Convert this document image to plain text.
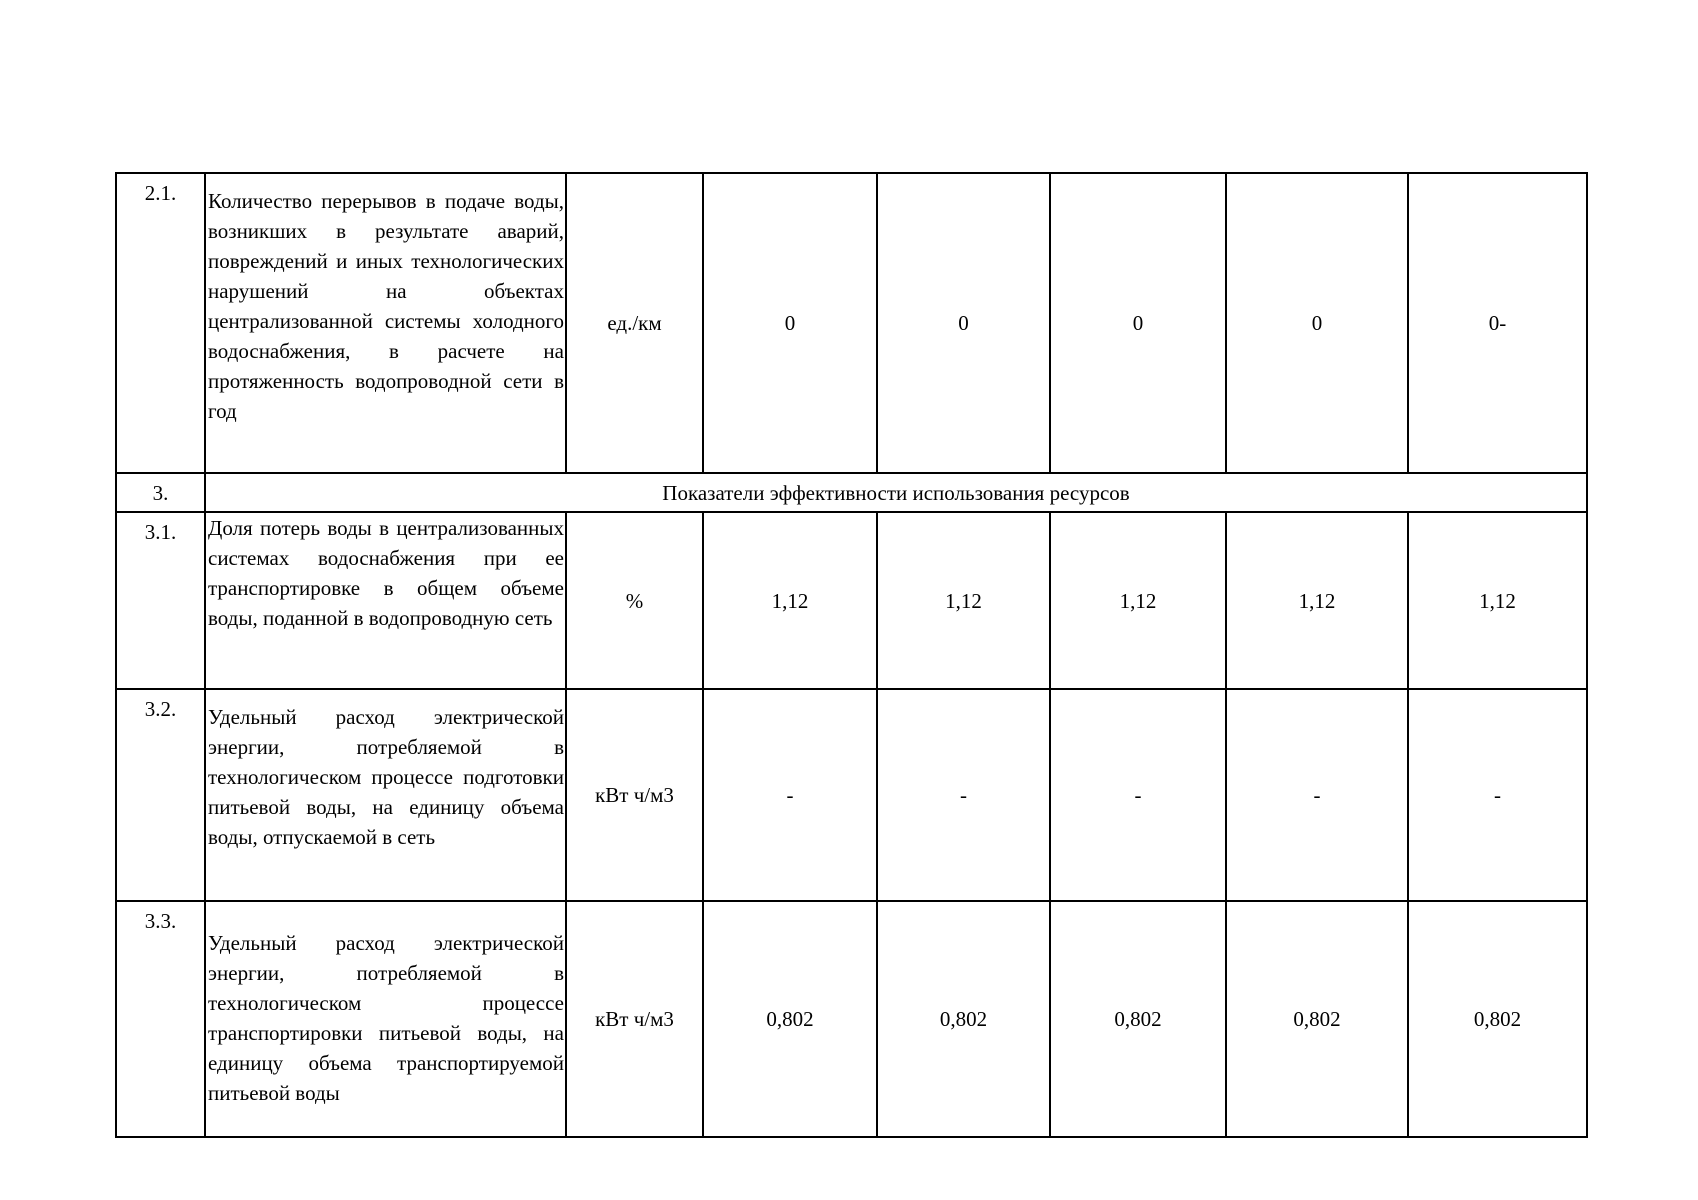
2.1.	Количество перерывов в подаче воды, возникших в результате аварий, повреждений и иных технологических нарушений на объектах централизованной системы холодного водоснабжения, в расчете на протяженность водопроводной сети в год	ед./км	0	0	0	0	0-
3.	Показатели эффективности использования ресурсов						
3.1.	Доля потерь воды в централизованных системах водоснабжения при ее транспортировке в общем объеме воды, поданной в водопроводную сеть	%	1,12	1,12	1,12	1,12	1,12
3.2.	Удельный расход электрической энергии, потребляемой в технологическом процессе подготовки питьевой воды, на единицу объема воды, отпускаемой в сеть	кВт ч/м3	-	-	-	-	-
3.3.	Удельный расход электрической энергии, потребляемой в технологическом процессе транспортировки питьевой воды, на единицу объема транспортируемой питьевой воды	кВт ч/м3	0,802	0,802	0,802	0,802	0,802
